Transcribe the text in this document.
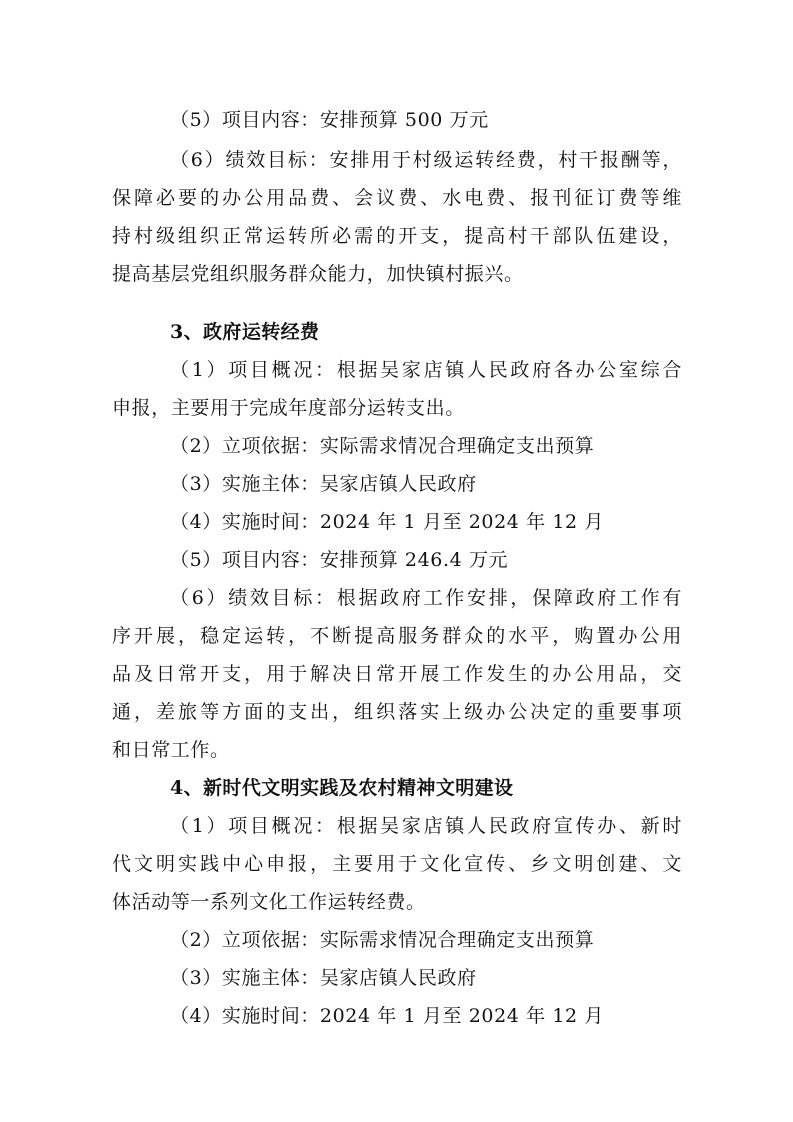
（5）项目内容：安排预算 500 万元
（6）绩效目标：安排用于村级运转经费，村干报酬等，
保障必要的办公用品费、会议费、水电费、报刊征订费等维
持村级组织正常运转所必需的开支，提高村干部队伍建设，
提高基层党组织服务群众能力，加快镇村振兴。
3、政府运转经费
（1）项目概况：根据吴家店镇人民政府各办公室综合
申报，主要用于完成年度部分运转支出。
（2）立项依据：实际需求情况合理确定支出预算
（3）实施主体：吴家店镇人民政府
（4）实施时间：2024 年 1 月至 2024 年 12 月
（5）项目内容：安排预算 246.4 万元
（6）绩效目标：根据政府工作安排，保障政府工作有
序开展，稳定运转，不断提高服务群众的水平，购置办公用
品及日常开支，用于解决日常开展工作发生的办公用品，交
通，差旅等方面的支出，组织落实上级办公决定的重要事项
和日常工作。
4、新时代文明实践及农村精神文明建设
（1）项目概况：根据吴家店镇人民政府宣传办、新时
代文明实践中心申报，主要用于文化宣传、乡文明创建、文
体活动等一系列文化工作运转经费。
（2）立项依据：实际需求情况合理确定支出预算
（3）实施主体：吴家店镇人民政府
（4）实施时间：2024 年 1 月至 2024 年 12 月
